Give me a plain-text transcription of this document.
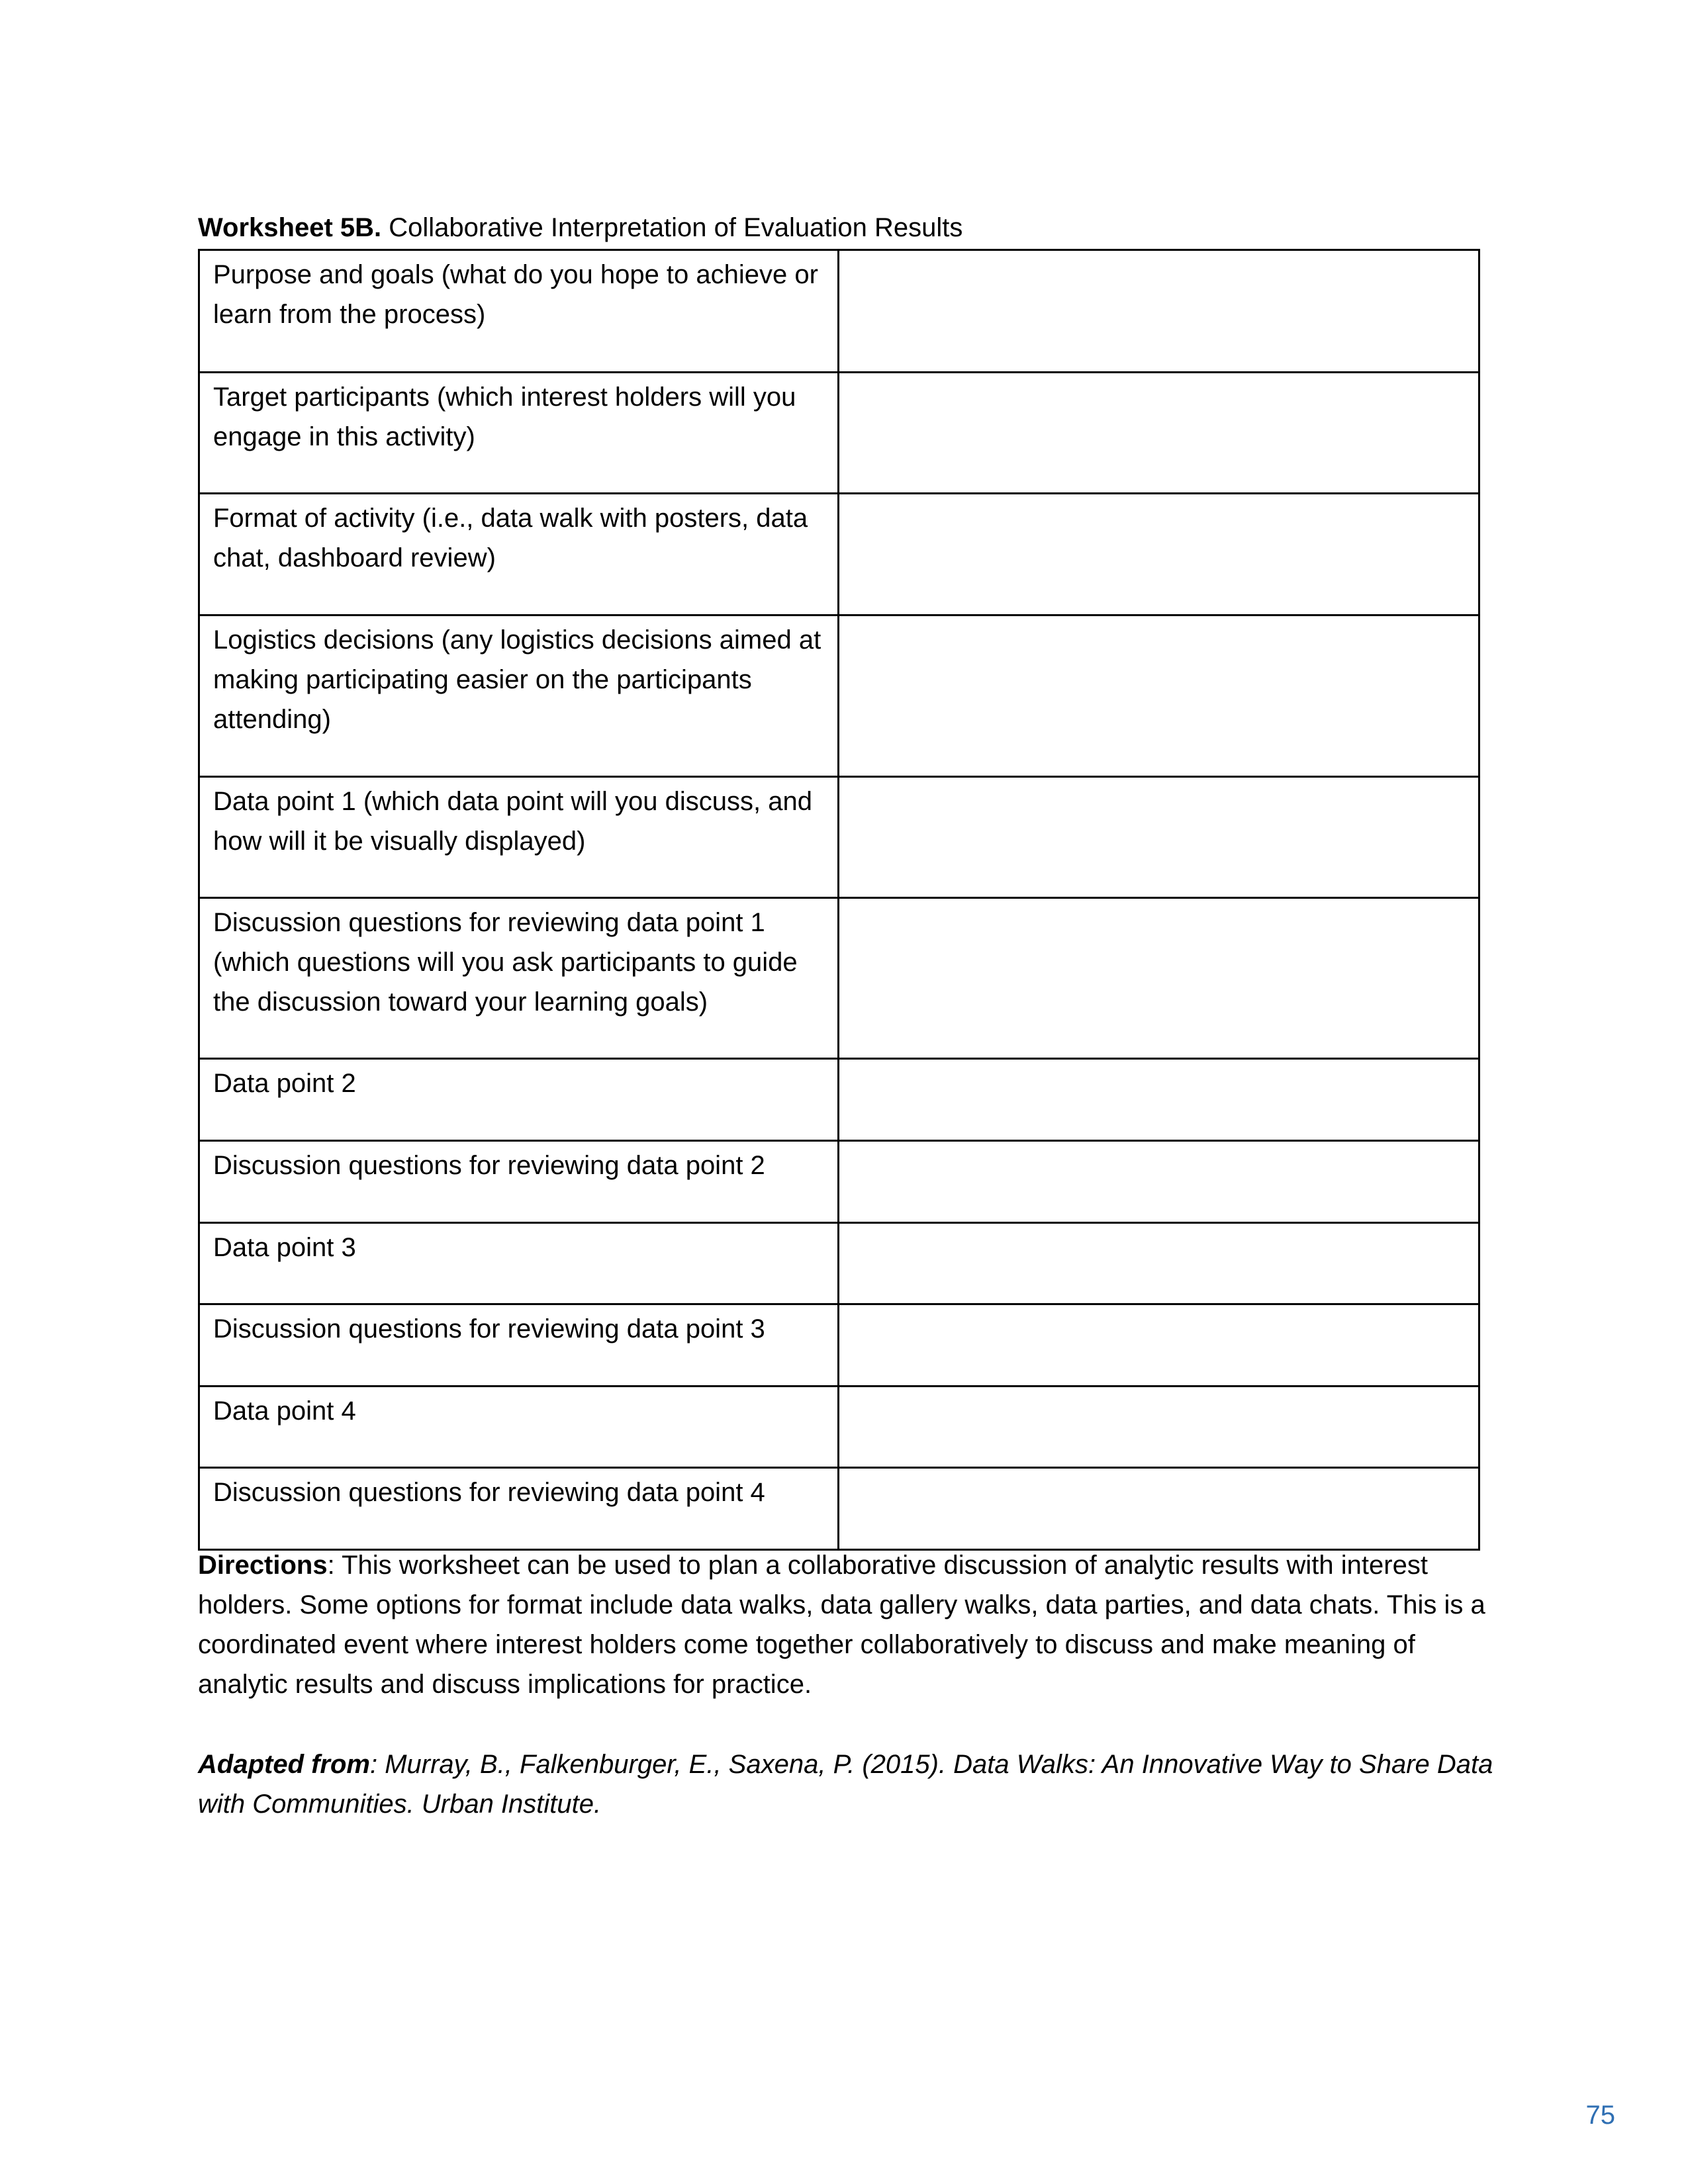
Worksheet 5B. Collaborative Interpretation of Evaluation Results
Purpose and goals (what do you hope to achieve or learn from the process)	
Target participants (which interest holders will you engage in this activity)	
Format of activity (i.e., data walk with posters, data chat, dashboard review)	
Logistics decisions (any logistics decisions aimed at making participating easier on the participants attending)	
Data point 1 (which data point will you discuss, and how will it be visually displayed)	
Discussion questions for reviewing data point 1 (which questions will you ask participants to guide the discussion toward your learning goals)	
Data point 2	
Discussion questions for reviewing data point 2	
Data point 3	
Discussion questions for reviewing data point 3	
Data point 4	
Discussion questions for reviewing data point 4	
Directions: This worksheet can be used to plan a collaborative discussion of analytic results with interest holders. Some options for format include data walks, data gallery walks, data parties, and data chats. This is a coordinated event where interest holders come together collaboratively to discuss and make meaning of analytic results and discuss implications for practice.
Adapted from: Murray, B., Falkenburger, E., Saxena, P. (2015). Data Walks: An Innovative Way to Share Data with Communities. Urban Institute.
75
